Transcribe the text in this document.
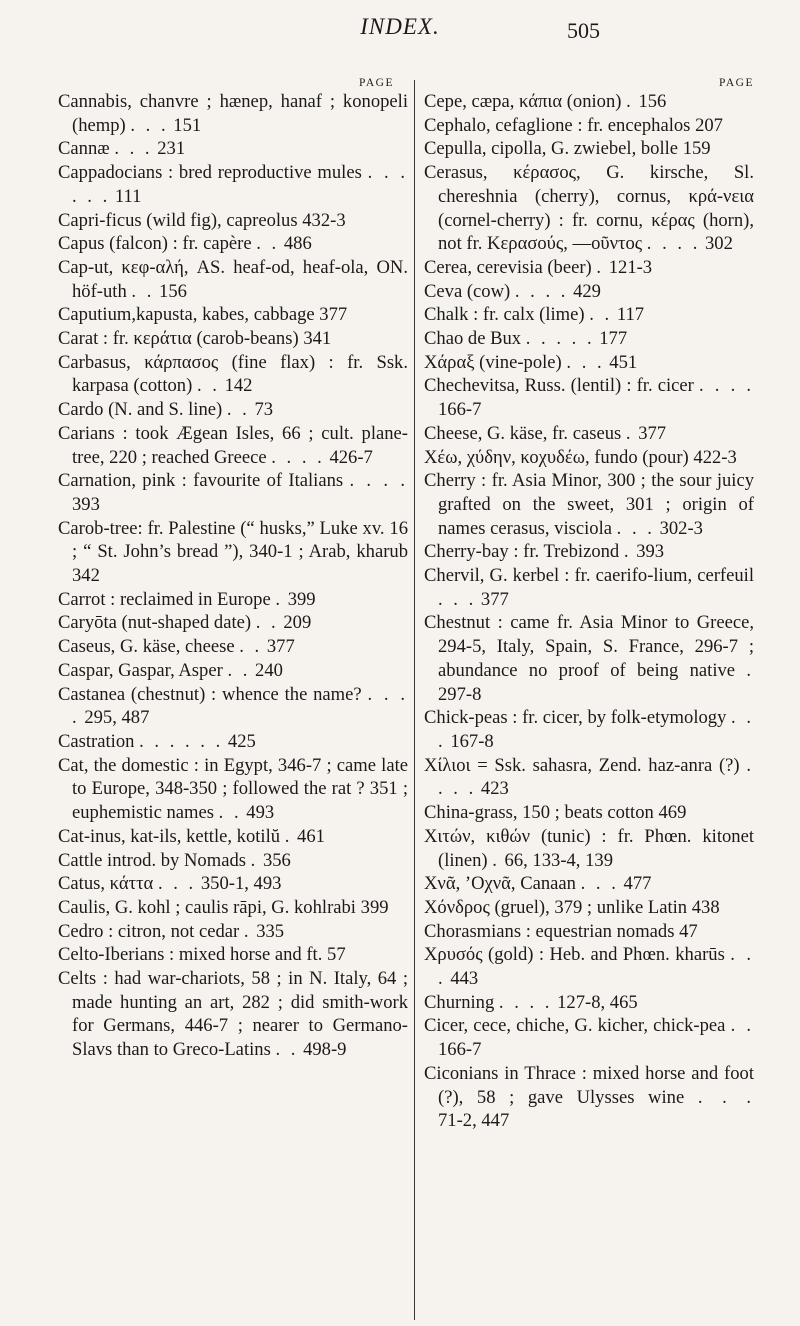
INDEX.	505
PAGE
Cannabis, chanvre ; hænep, hanaf ; konopeli (hemp) . . . 151
Cannæ . . . 231
Cappadocians : bred reproductive mules . . . . . . 111
Capri-ficus (wild fig), capreolus 432-3
Capus (falcon) : fr. capère . . 486
Cap-ut, κεφ-αλή, AS. heaf-od, heaf-ola, ON. höf-uth . . 156
Caputium,kapusta, kabes, cabbage 377
Carat : fr. κεράτια (carob-beans) 341
Carbasus, κάρπασος (fine flax) : fr. Ssk. karpasa (cotton) . . 142
Cardo (N. and S. line) . . 73
Carians : took Ægean Isles, 66 ; cult. plane-tree, 220 ; reached Greece . . . . 426-7
Carnation, pink : favourite of Italians . . . . 393
Carob-tree: fr. Palestine (“ husks,” Luke xv. 16 ; “ St. John’s bread ”), 340-1 ; Arab, kharub 342
Carrot : reclaimed in Europe . 399
Caryōta (nut-shaped date) . . 209
Caseus, G. käse, cheese . . 377
Caspar, Gaspar, Asper . . 240
Castanea (chestnut) : whence the name? . . . . 295, 487
Castration . . . . . . 425
Cat, the domestic : in Egypt, 346-7 ; came late to Europe, 348-350 ; followed the rat ? 351 ; euphemistic names . . 493
Cat-inus, kat-ils, kettle, kotilŭ . 461
Cattle introd. by Nomads . 356
Catus, κάττα . . . 350-1, 493
Caulis, G. kohl ; caulis rāpi, G. kohlrabi 399
Cedro : citron, not cedar . 335
Celto-Iberians : mixed horse and ft. 57
Celts : had war-chariots, 58 ; in N. Italy, 64 ; made hunting an art, 282 ; did smith-work for Germans, 446-7 ; nearer to Germano-Slavs than to Greco-Latins . . 498-9
PAGE
Cepe, cæpa, κάπια (onion) . 156
Cephalo, cefaglione : fr. encephalos 207
Cepulla, cipolla, G. zwiebel, bolle 159
Cerasus, κέρασος, G. kirsche, Sl. chereshnia (cherry), cornus, κρά-νεια (cornel-cherry) : fr. cornu, κέρας (horn), not fr. Κερασούς, —οῦντος . . . . 302
Cerea, cerevisia (beer) . 121-3
Ceva (cow) . . . . 429
Chalk : fr. calx (lime) . . 117
Chao de Bux . . . . . 177
Χάραξ (vine-pole) . . . 451
Chechevitsa, Russ. (lentil) : fr. cicer . . . . 166-7
Cheese, G. käse, fr. caseus . 377
Χέω, χύδην, κοχυδέω, fundo (pour) 422-3
Cherry : fr. Asia Minor, 300 ; the sour juicy grafted on the sweet, 301 ; origin of names cerasus, visciola . . . 302-3
Cherry-bay : fr. Trebizond . 393
Chervil, G. kerbel : fr. caerifo-lium, cerfeuil . . . 377
Chestnut : came fr. Asia Minor to Greece, 294-5, Italy, Spain, S. France, 296-7 ; abundance no proof of being native . 297-8
Chick-peas : fr. cicer, by folk-etymology . . . 167-8
Χίλιοι = Ssk. sahasra, Zend. haz-anra (?) . . . . 423
China-grass, 150 ; beats cotton 469
Χιτών, κιθών (tunic) : fr. Phœn. kitonet (linen) . 66, 133-4, 139
Χνᾶ, ’Οχνᾶ, Canaan . . . 477
Χόνδρος (gruel), 379 ; unlike Latin 438
Chorasmians : equestrian nomads 47
Χρυσός (gold) : Heb. and Phœn. kharūs . . . 443
Churning . . . . 127-8, 465
Cicer, cece, chiche, G. kicher, chick-pea . . 166-7
Ciconians in Thrace : mixed horse and foot (?), 58 ; gave Ulysses wine . . . 71-2, 447
